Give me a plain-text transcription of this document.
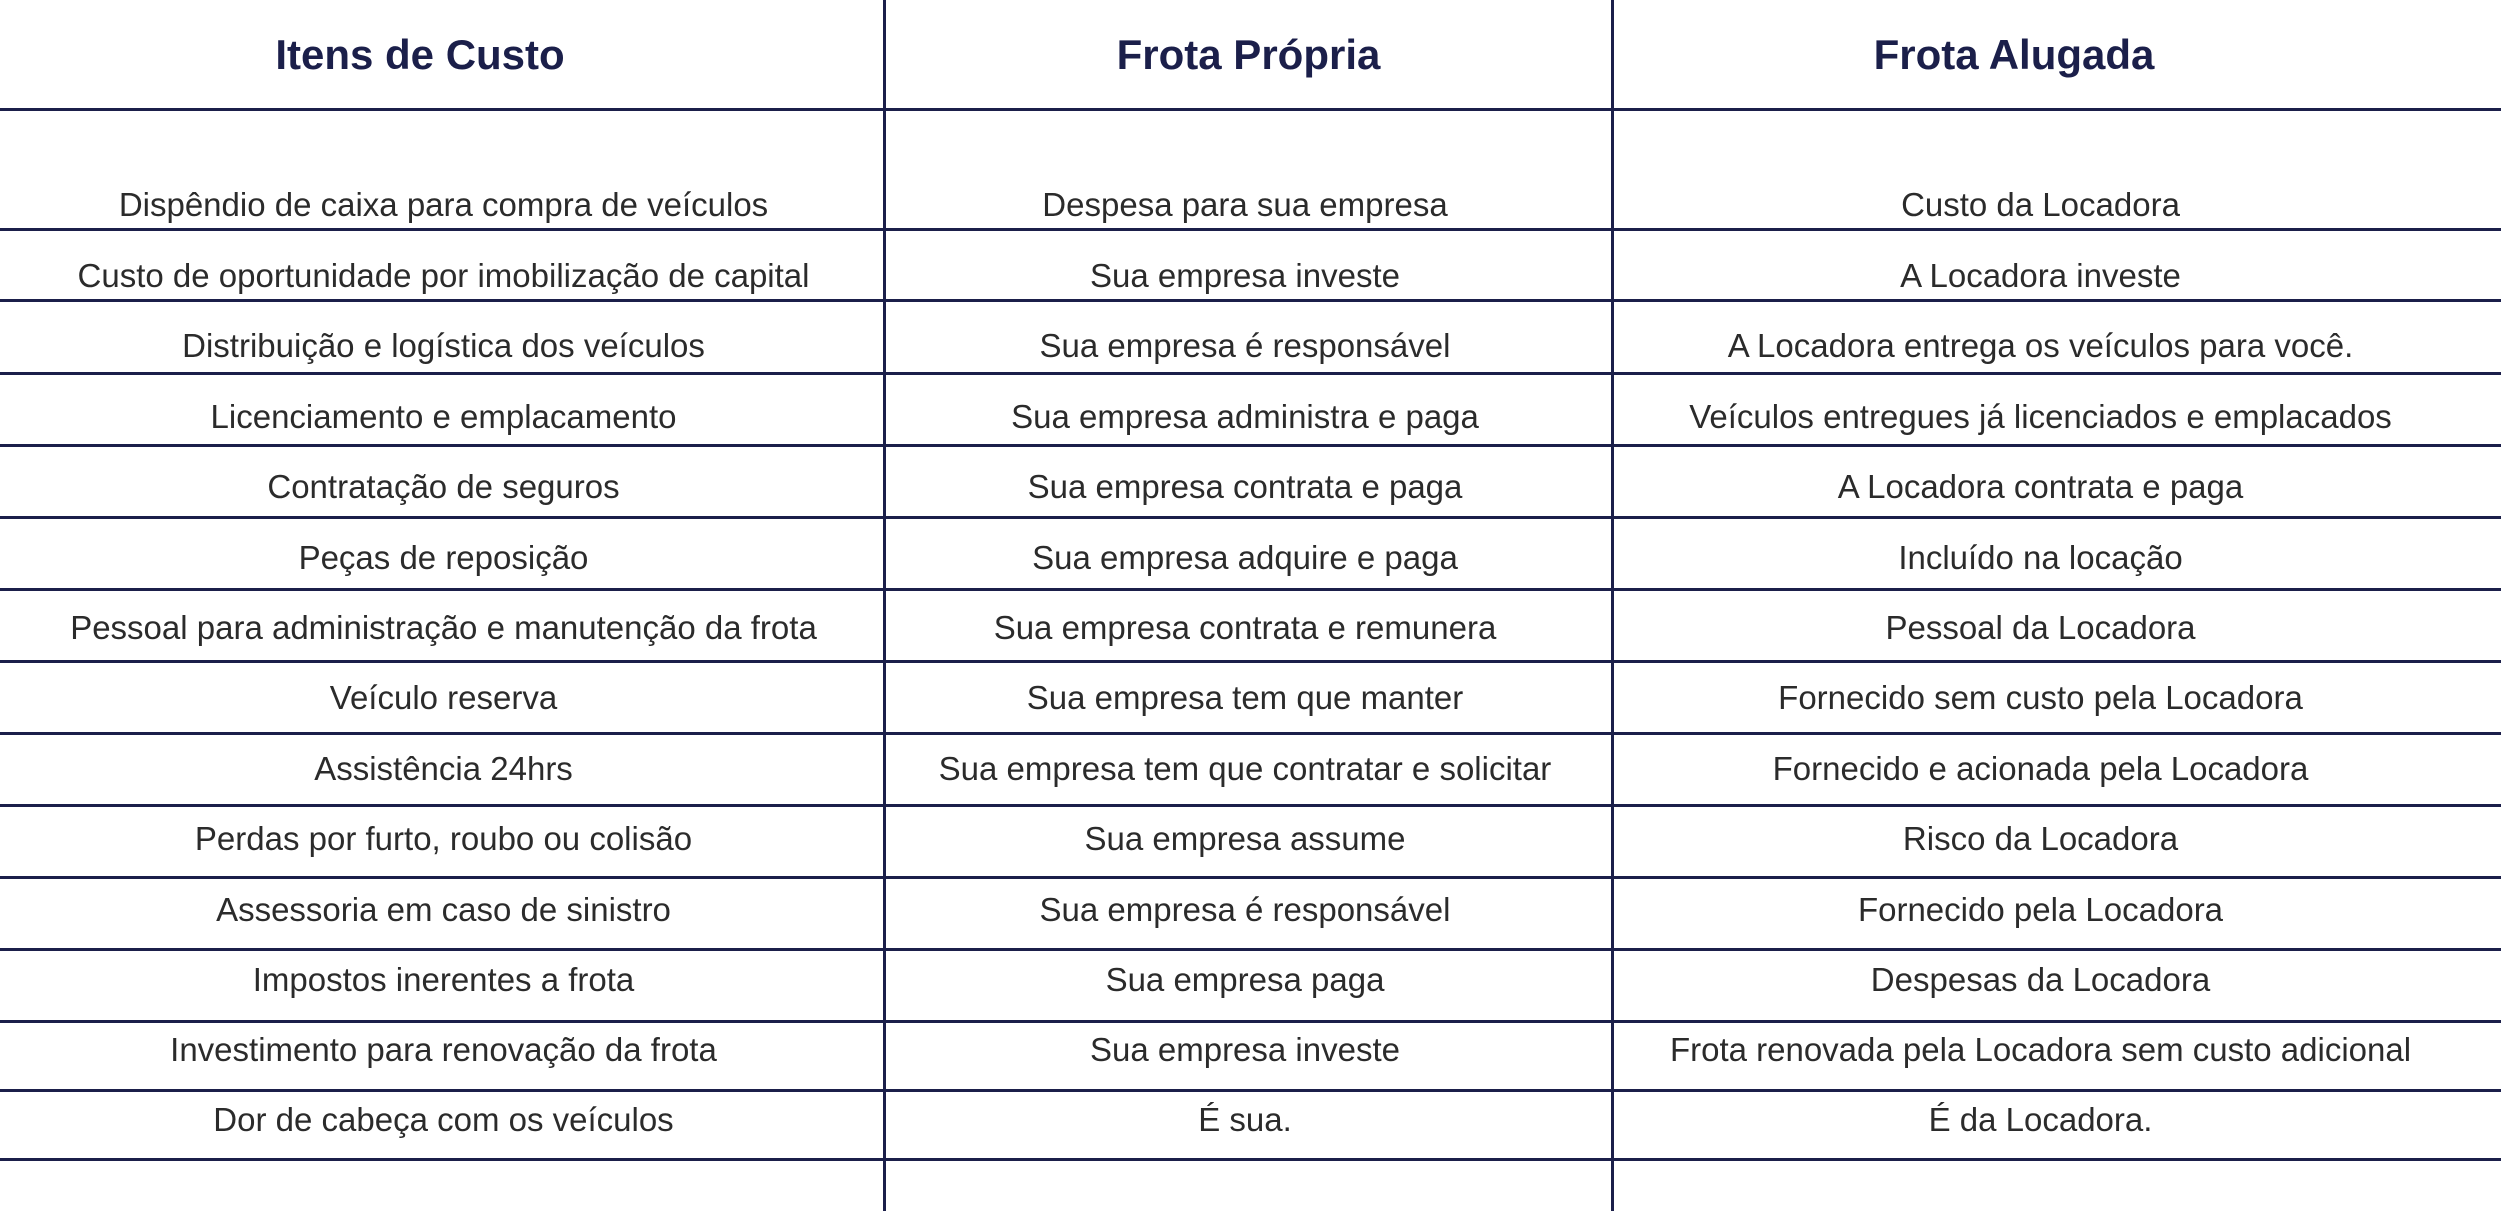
Itens de Custo	Frota Própria	Frota Alugada
Dispêndio de caixa para compra de veículos	Despesa para sua empresa	Custo da Locadora
Custo de oportunidade por imobilização de capital	Sua empresa investe	A Locadora investe
Distribuição e logística dos veículos	Sua empresa é responsável	A Locadora entrega os veículos para você.
Licenciamento e emplacamento	Sua empresa administra e paga	Veículos entregues já licenciados e emplacados
Contratação de seguros	Sua empresa contrata e paga	A Locadora contrata e paga
Peças de reposição	Sua empresa adquire e paga	Incluído na locação
Pessoal para administração e manutenção da frota	Sua empresa contrata e remunera	Pessoal da Locadora
Veículo reserva	Sua empresa tem que manter	Fornecido sem custo pela Locadora
Assistência 24hrs	Sua empresa tem que contratar e solicitar	Fornecido e acionada pela Locadora
Perdas por furto, roubo ou colisão	Sua empresa assume	Risco da Locadora
Assessoria em caso de sinistro	Sua empresa é responsável	Fornecido pela Locadora
Impostos inerentes a frota	Sua empresa paga	Despesas da Locadora
Investimento para renovação da frota	Sua empresa investe	Frota renovada pela Locadora sem custo adicional
Dor de cabeça com os veículos	É sua.	É da Locadora.
